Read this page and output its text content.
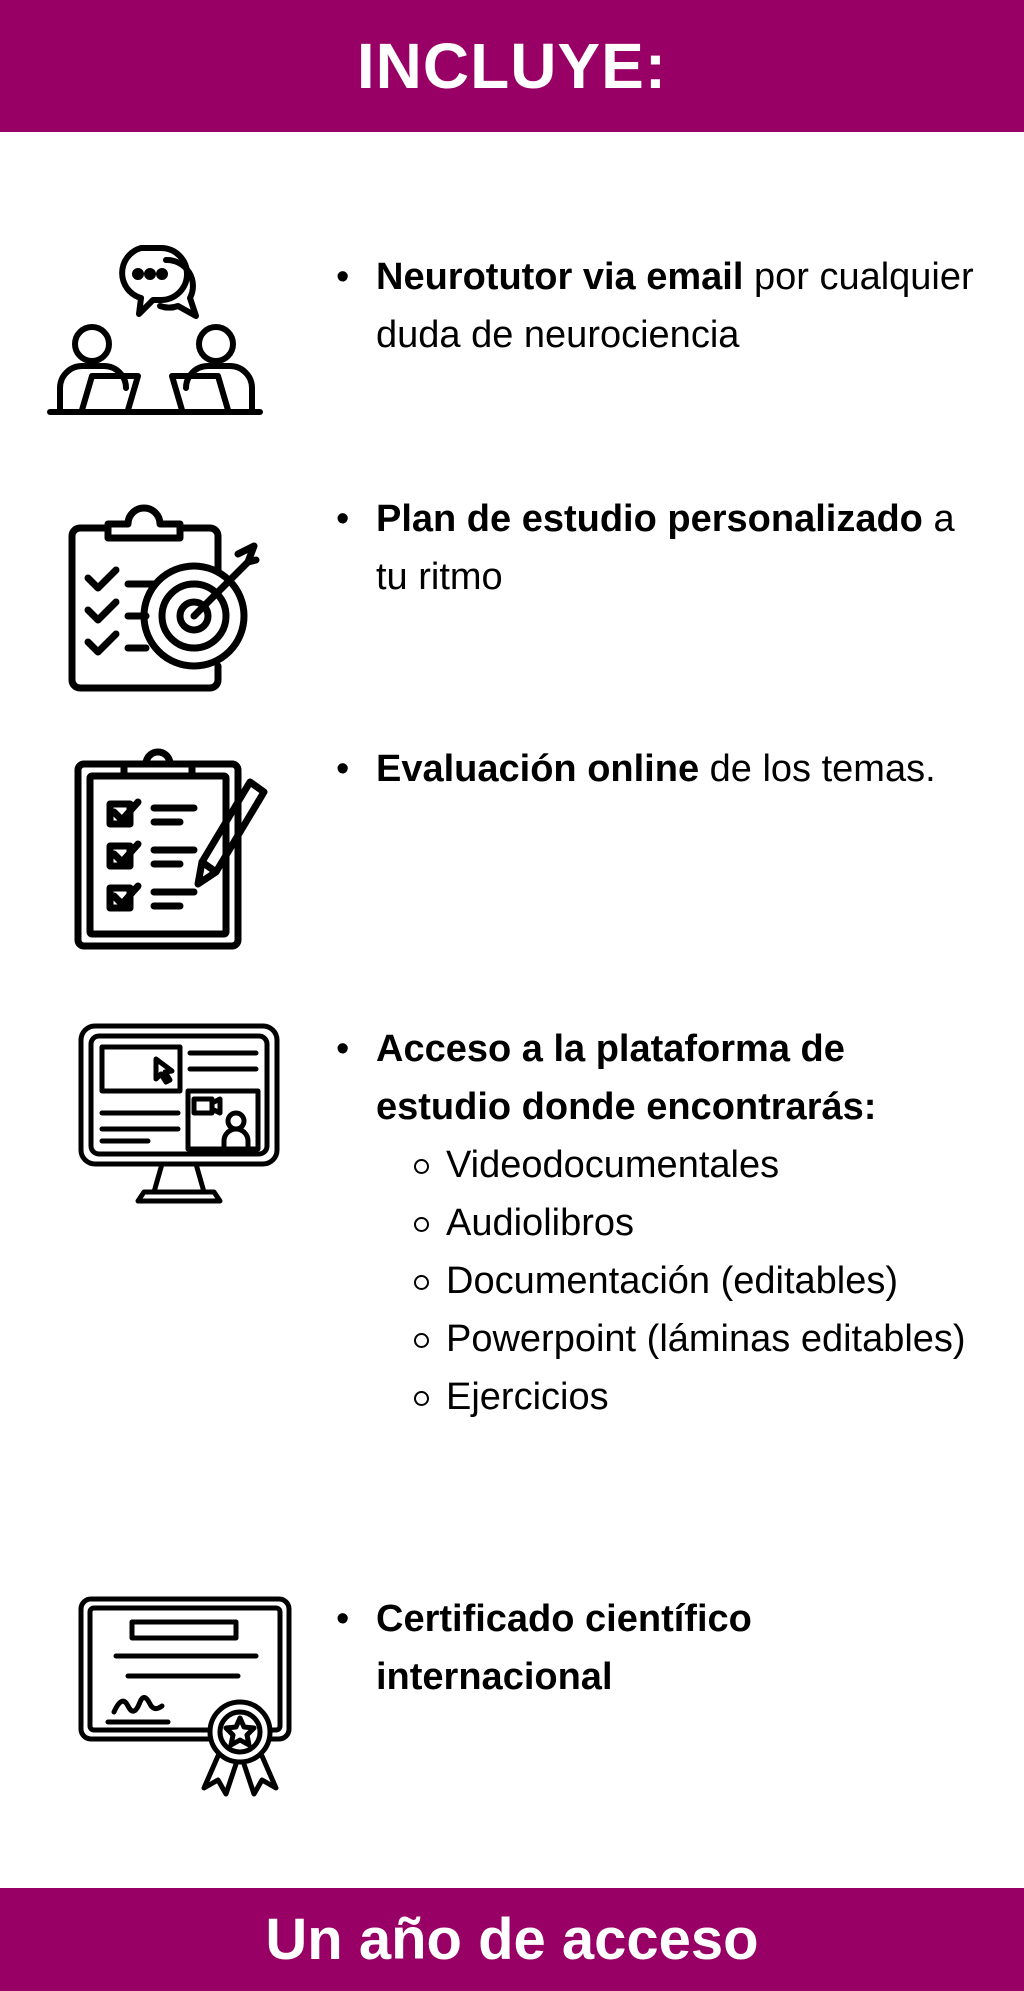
INCLUYE:
• Neurotutor via email por cualquier duda de neurociencia
• Plan de estudio personalizado a tu ritmo
• Evaluación online de los temas.
• Acceso a la plataforma de estudio donde encontrarás:
Videodocumentales
Audiolibros
Documentación (editables)
Powerpoint (láminas editables)
Ejercicios
• Certificado científico internacional
Un año de acceso
